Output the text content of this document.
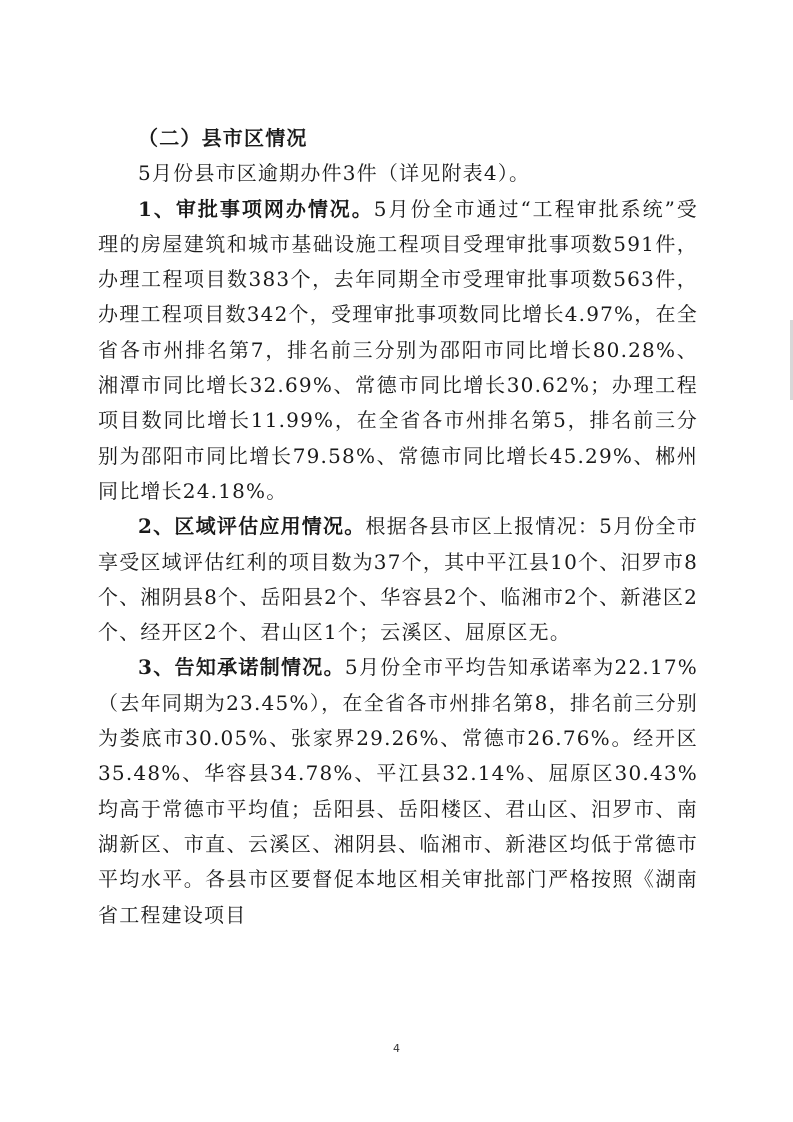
（二）县市区情况

5月份县市区逾期办件3件（详见附表4）。

1、审批事项网办情况。5月份全市通过“工程审批系统”受理的房屋建筑和城市基础设施工程项目受理审批事项数591件，办理工程项目数383个，去年同期全市受理审批事项数563件，办理工程项目数342个，受理审批事项数同比增长4.97%，在全省各市州排名第7，排名前三分别为邵阳市同比增长80.28%、湘潭市同比增长32.69%、常德市同比增长30.62%；办理工程项目数同比增长11.99%，在全省各市州排名第5，排名前三分别为邵阳市同比增长79.58%、常德市同比增长45.29%、郴州同比增长24.18%。

2、区域评估应用情况。根据各县市区上报情况：5月份全市享受区域评估红利的项目数为37个，其中平江县10个、汨罗市8个、湘阴县8个、岳阳县2个、华容县2个、临湘市2个、新港区2个、经开区2个、君山区1个；云溪区、屈原区无。

3、告知承诺制情况。5月份全市平均告知承诺率为22.17%（去年同期为23.45%），在全省各市州排名第8，排名前三分别为娄底市30.05%、张家界29.26%、常德市26.76%。经开区35.48%、华容县34.78%、平江县32.14%、屈原区30.43%均高于常德市平均值；岳阳县、岳阳楼区、君山区、汨罗市、南湖新区、市直、云溪区、湘阴县、临湘市、新港区均低于常德市平均水平。各县市区要督促本地区相关审批部门严格按照《湖南省工程建设项目

4
